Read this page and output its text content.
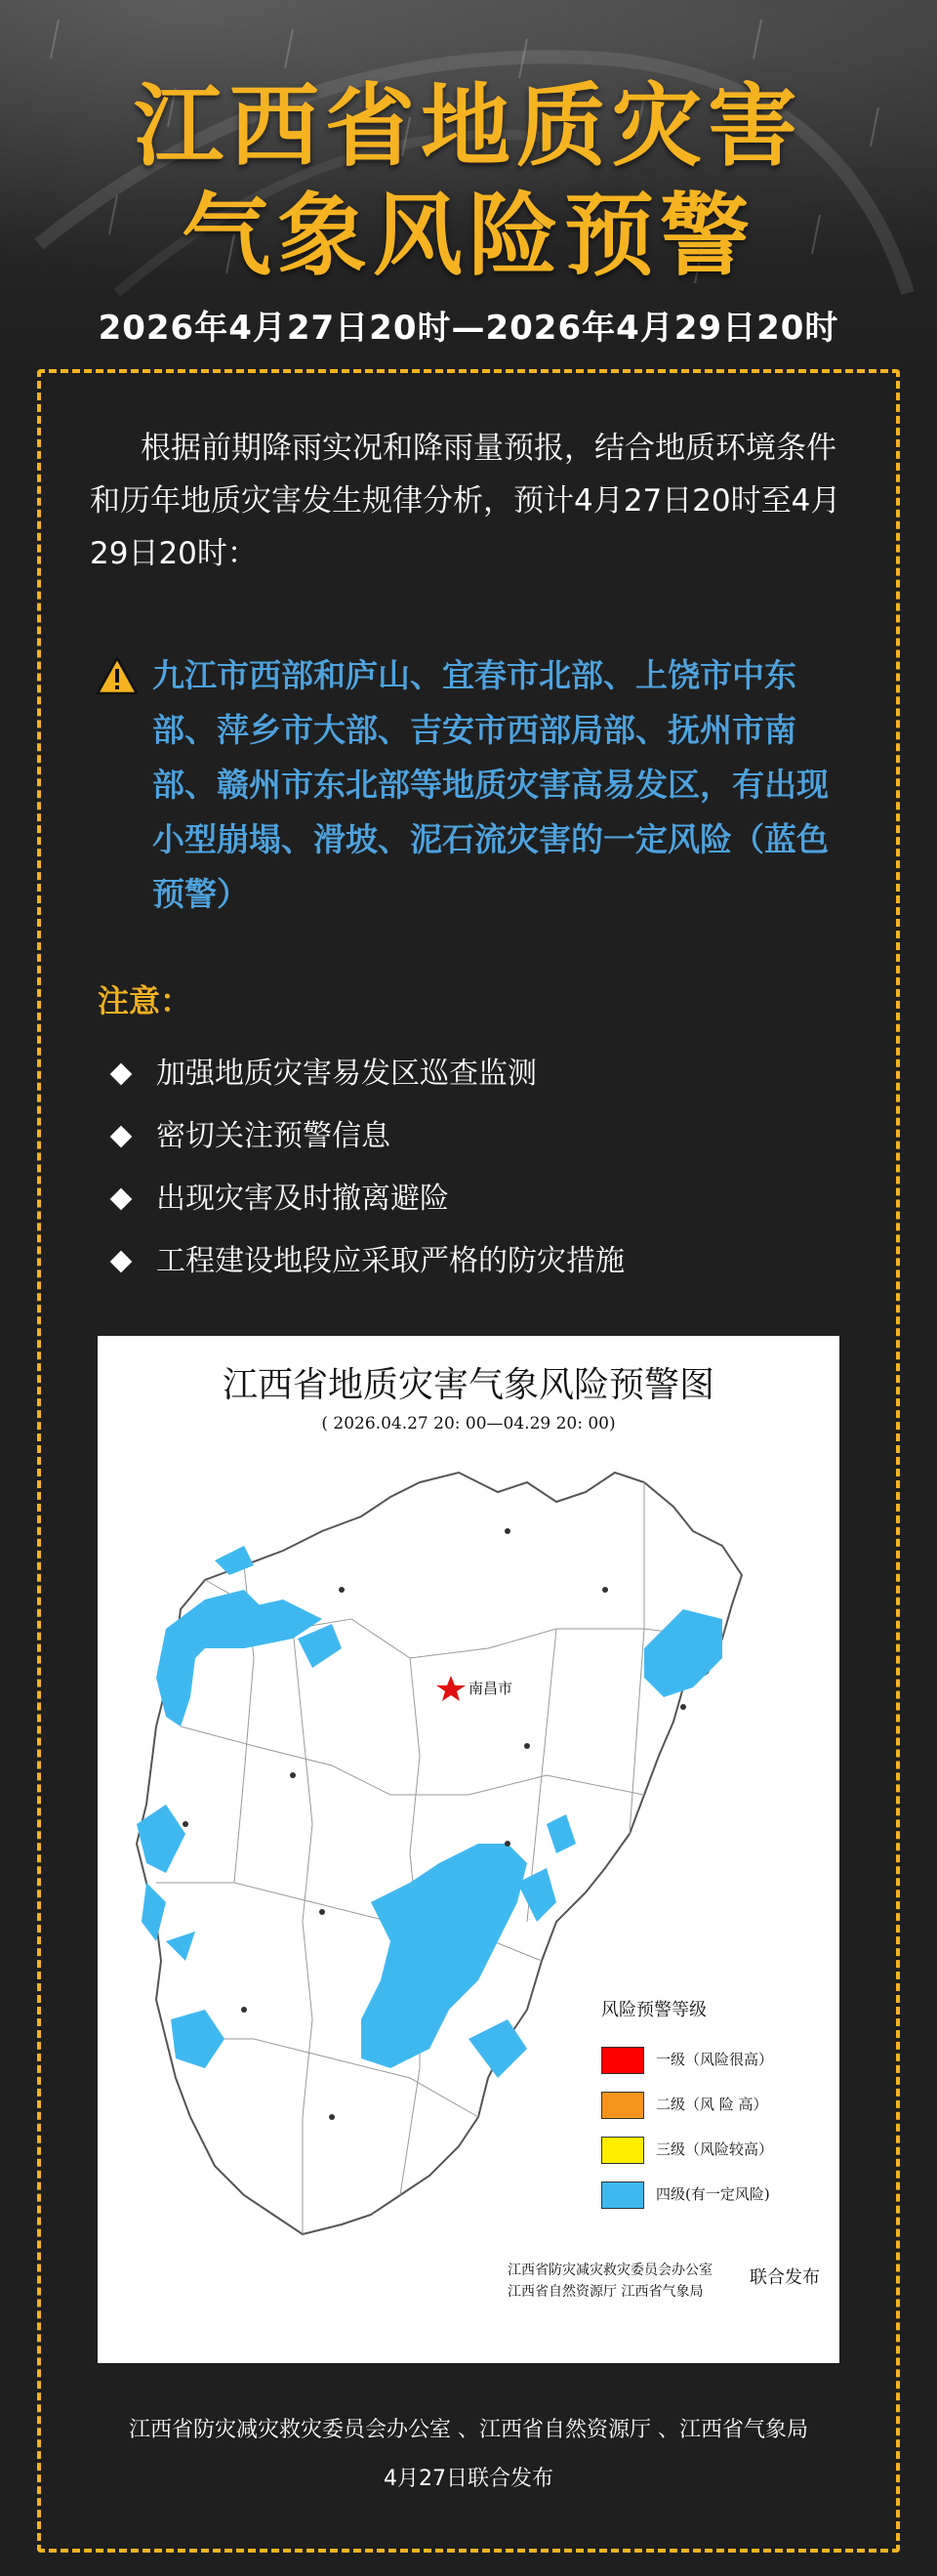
江西省地质灾害
气象风险预警
2026年4月27日20时—2026年4月29日20时
根据前期降雨实况和降雨量预报，结合地质环境条件和历年地质灾害发生规律分析，预计4月27日20时至4月29日20时：
九江市西部和庐山、宜春市北部、上饶市中东部、萍乡市大部、吉安市西部局部、抚州市南部、赣州市东北部等地质灾害高易发区，有出现小型崩塌、滑坡、泥石流灾害的一定风险（蓝色预警）
注意：
加强地质灾害易发区巡查监测
密切关注预警信息
出现灾害及时撤离避险
工程建设地段应采取严格的防灾措施
南昌市
江西省地质灾害气象风险预警图
( 2026.04.27 20: 00—04.29 20: 00)
风险预警等级
一级（风险很高）
二级（风 险 高）
三级（风险较高）
四级(有一定风险)
江西省防灾减灾救灾委员会办公室
江西省自然资源厅 江西省气象局
联合发布
江西省防灾减灾救灾委员会办公室 、江西省自然资源厅 、江西省气象局
4月27日联合发布
